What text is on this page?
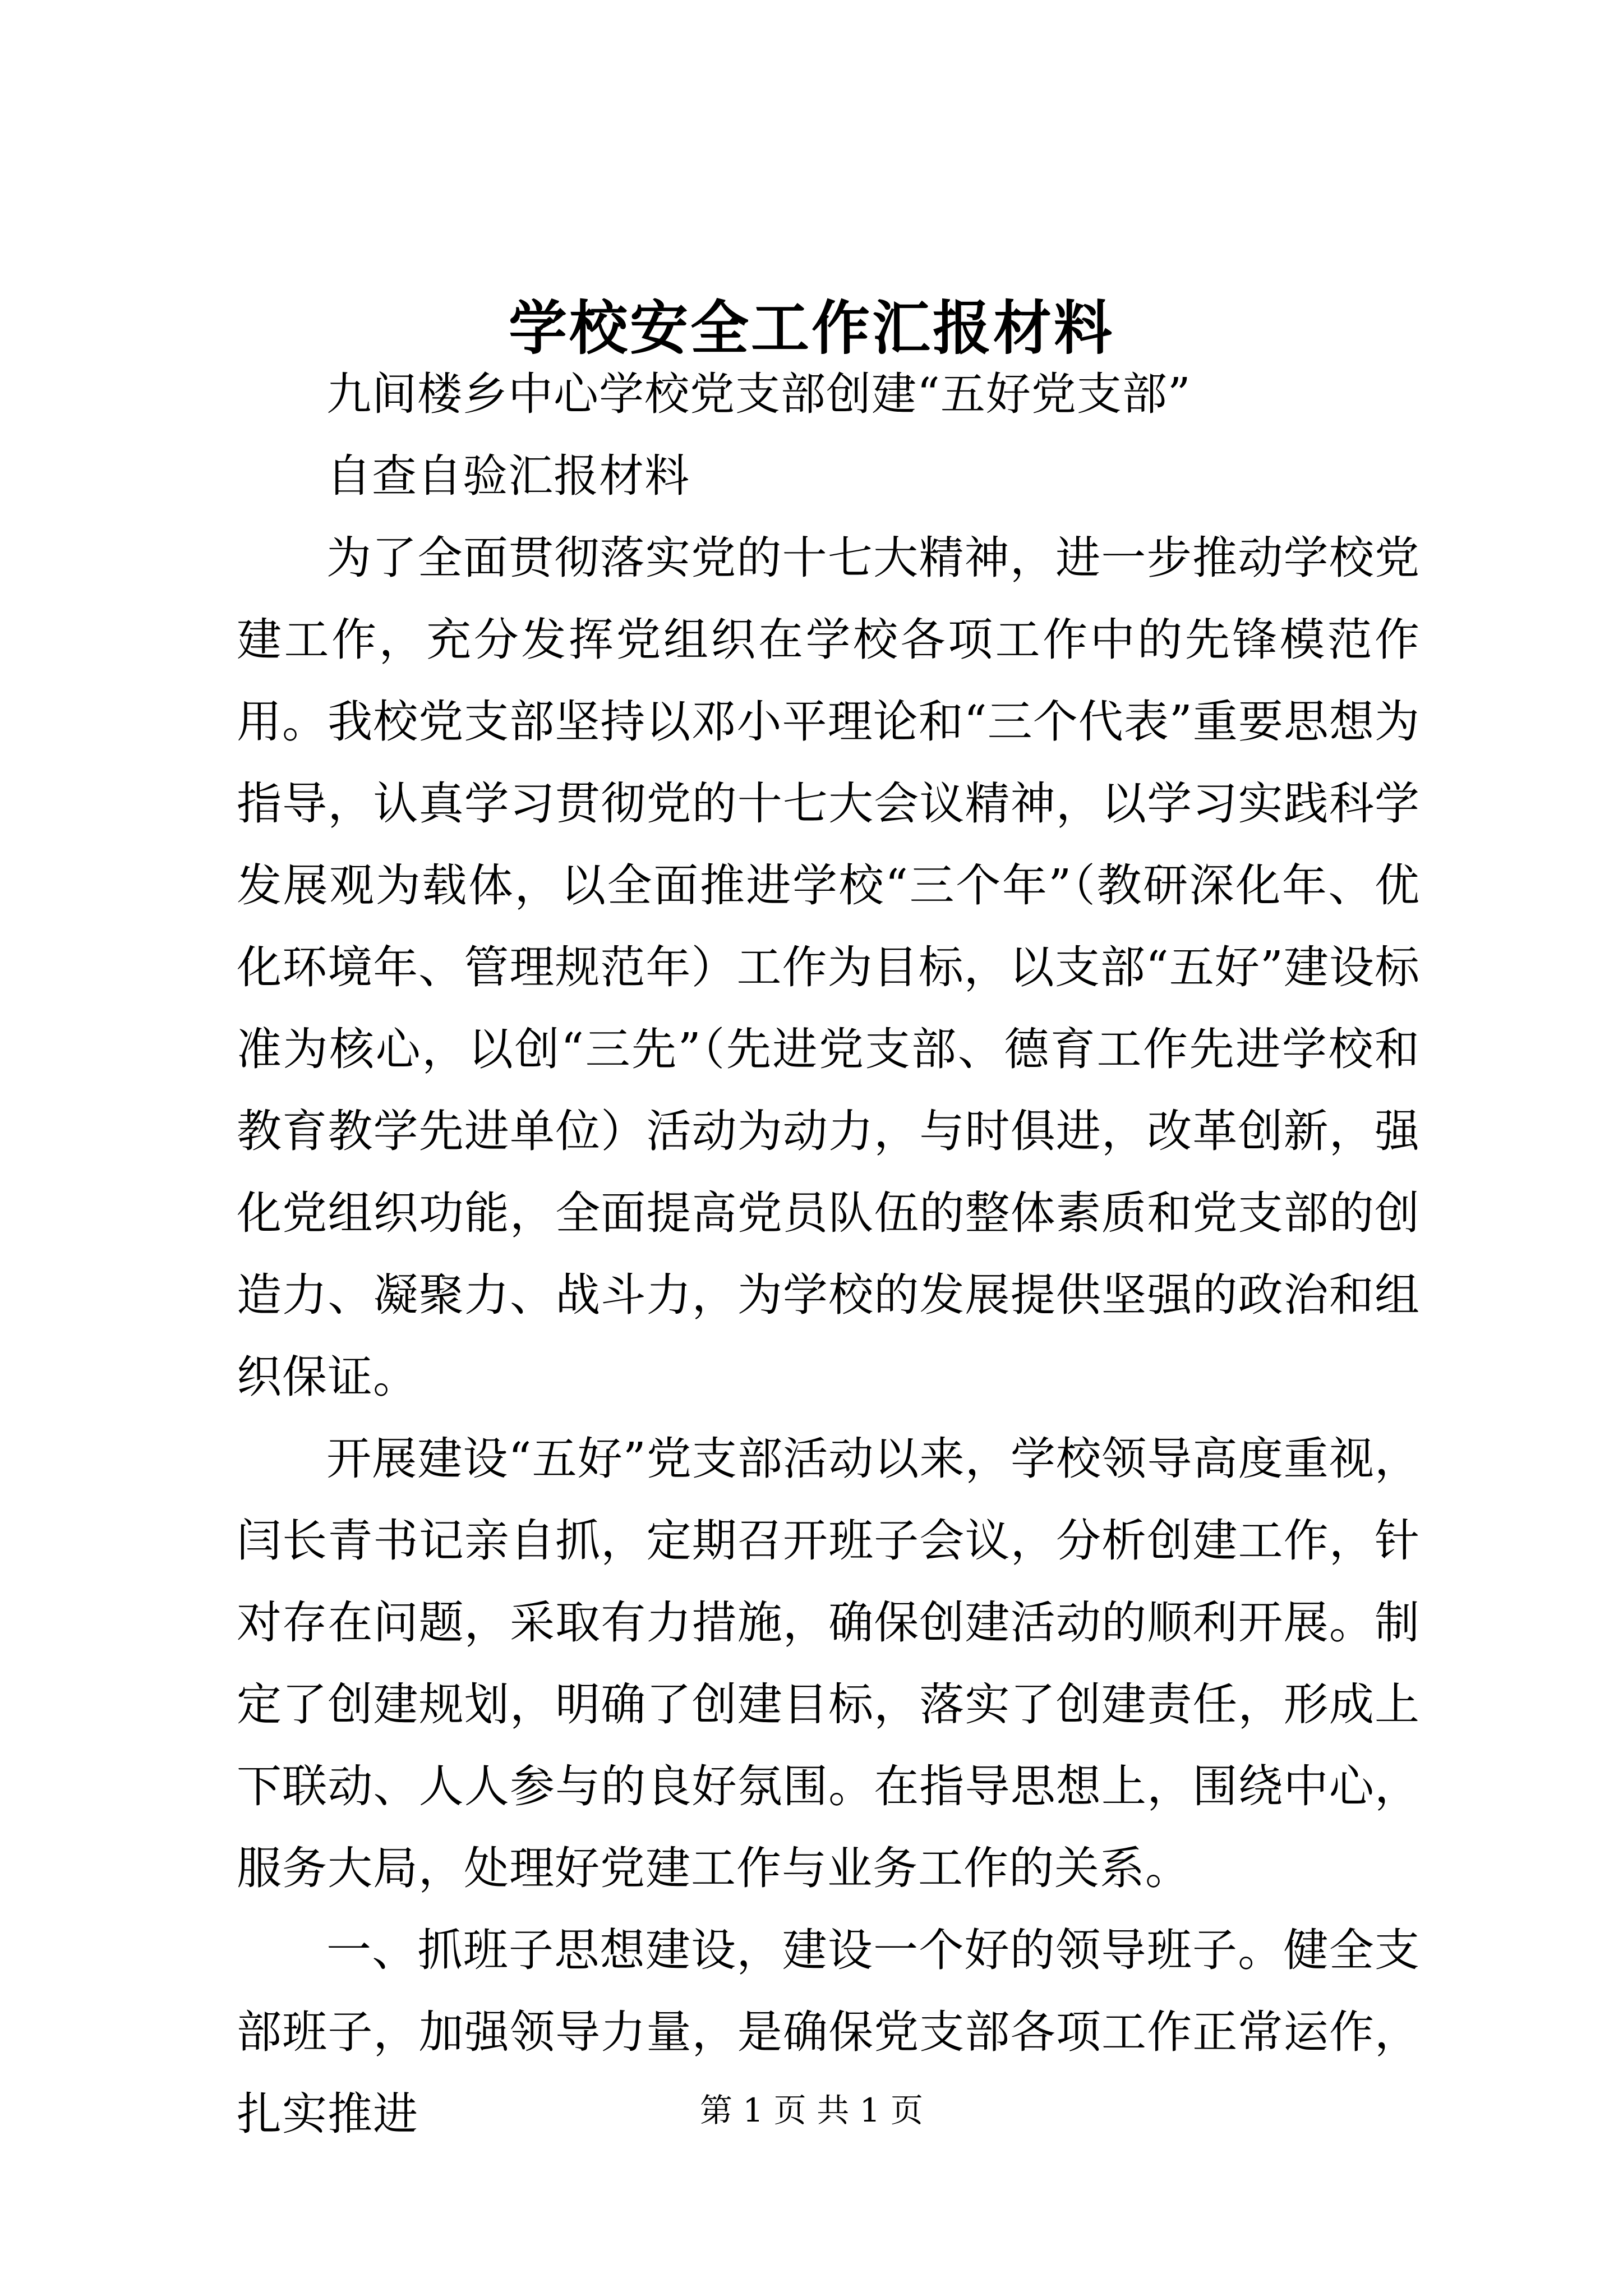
学校安全工作汇报材料

九间楼乡中心学校党支部创建“五好党支部”

自查自验汇报材料

为了全面贯彻落实党的十七大精神，进一步推动学校党建工作，充分发挥党组织在学校各项工作中的先锋模范作用。我校党支部坚持以邓小平理论和“三个代表”重要思想为指导，认真学习贯彻党的十七大会议精神，以学习实践科学发展观为载体，以全面推进学校“三个年”（教研深化年、优化环境年、管理规范年）工作为目标，以支部“五好”建设标准为核心，以创“三先”（先进党支部、德育工作先进学校和教育教学先进单位）活动为动力，与时俱进，改革创新，强化党组织功能，全面提高党员队伍的整体素质和党支部的创造力、凝聚力、战斗力，为学校的发展提供坚强的政治和组织保证。

开展建设“五好”党支部活动以来，学校领导高度重视，闫长青书记亲自抓，定期召开班子会议，分析创建工作，针对存在问题，采取有力措施，确保创建活动的顺利开展。制定了创建规划，明确了创建目标，落实了创建责任，形成上下联动、人人参与的良好氛围。在指导思想上，围绕中心，服务大局，处理好党建工作与业务工作的关系。

一、抓班子思想建设，建设一个好的领导班子。健全支部班子，加强领导力量，是确保党支部各项工作正常运作，扎实推进	第 1 页 共 1 页
